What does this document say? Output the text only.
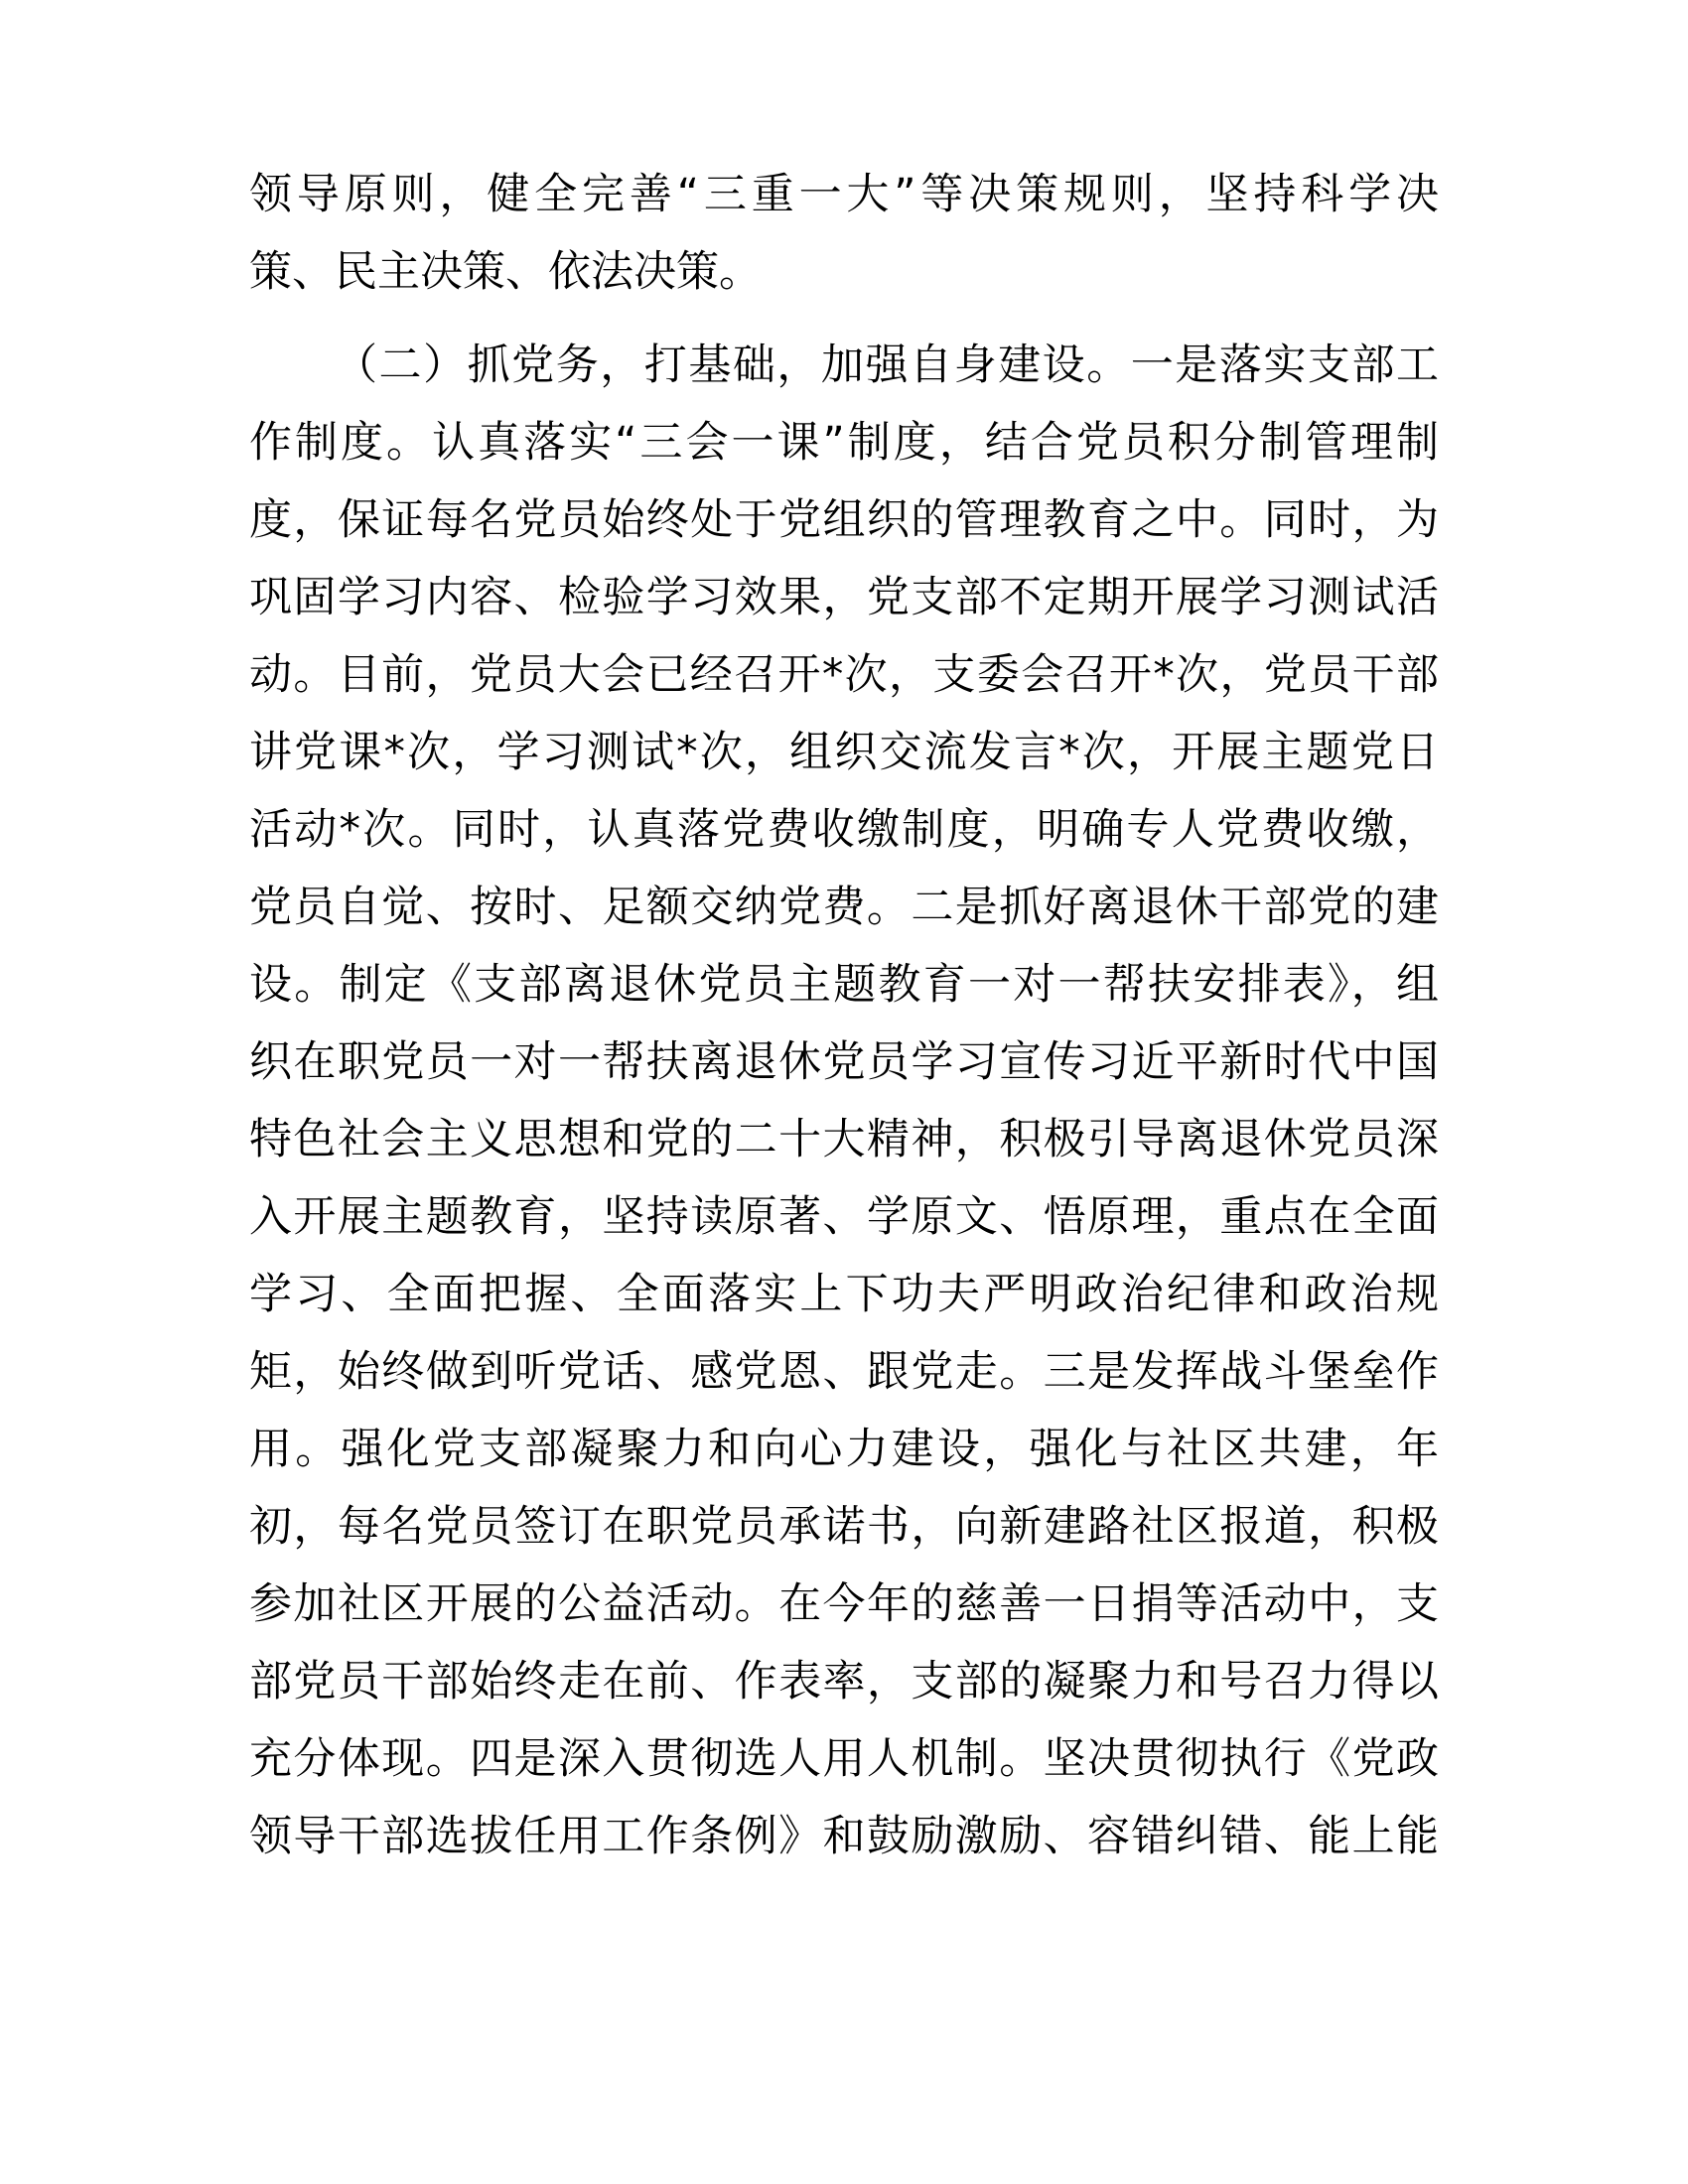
领导原则，健全完善“三重一大”等决策规则，坚持科学决
策、民主决策、依法决策。
（二）抓党务，打基础，加强自身建设。一是落实支部工
作制度。认真落实“三会一课”制度，结合党员积分制管理制
度，保证每名党员始终处于党组织的管理教育之中。同时，为
巩固学习内容、检验学习效果，党支部不定期开展学习测试活
动。目前，党员大会已经召开*次，支委会召开*次，党员干部
讲党课*次，学习测试*次，组织交流发言*次，开展主题党日
活动*次。同时，认真落党费收缴制度，明确专人党费收缴，
党员自觉、按时、足额交纳党费。二是抓好离退休干部党的建
设。制定《支部离退休党员主题教育一对一帮扶安排表》，组
织在职党员一对一帮扶离退休党员学习宣传习近平新时代中国
特色社会主义思想和党的二十大精神，积极引导离退休党员深
入开展主题教育，坚持读原著、学原文、悟原理，重点在全面
学习、全面把握、全面落实上下功夫严明政治纪律和政治规
矩，始终做到听党话、感党恩、跟党走。三是发挥战斗堡垒作
用。强化党支部凝聚力和向心力建设，强化与社区共建，年
初，每名党员签订在职党员承诺书，向新建路社区报道，积极
参加社区开展的公益活动。在今年的慈善一日捐等活动中，支
部党员干部始终走在前、作表率，支部的凝聚力和号召力得以
充分体现。四是深入贯彻选人用人机制。坚决贯彻执行《党政
领导干部选拔任用工作条例》和鼓励激励、容错纠错、能上能
